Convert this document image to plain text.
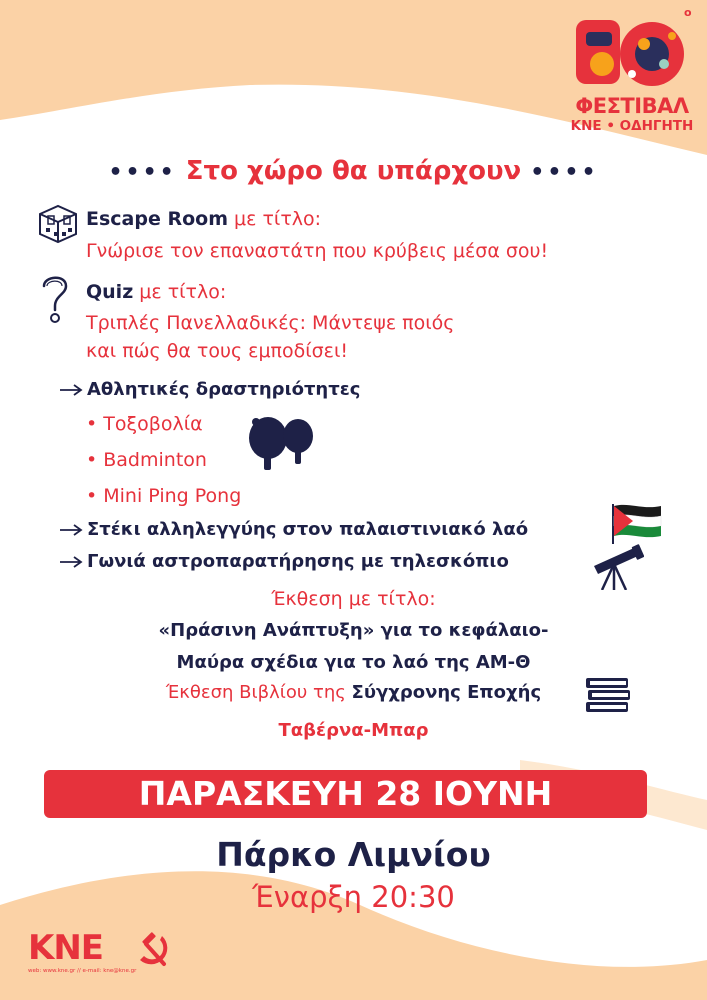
ο
ΦΕΣΤΙΒΑΛ
ΚΝΕ • ΟΔΗΓΗΤΗ
•••• Στο χώρο θα υπάρχουν ••••
Escape Room με τίτλο:
Γνώρισε τον επαναστάτη που κρύβεις μέσα σου!
Quiz με τίτλο:
Τριπλές Πανελλαδικές: Μάντεψε ποιός
και πώς θα τους εμποδίσει!
Αθλητικές δραστηριότητες
• Τοξοβολία
• Badminton
• Mini Ping Pong
Στέκι αλληλεγγύης στον παλαιστινιακό λαό
Γωνιά αστροπαρατήρησης με τηλεσκόπιο
Έκθεση με τίτλο:
«Πράσινη Ανάπτυξη» για το κεφάλαιο-
Μαύρα σχέδια για το λαό της ΑΜ-Θ
Έκθεση Βιβλίου της Σύγχρονης Εποχής
Ταβέρνα-Μπαρ
ΠΑΡΑΣΚΕΥΗ 28 ΙΟΥΝΗ
Πάρκο Λιμνίου
Έναρξη 20:30
ΚΝΕ
web: www.kne.gr // e-mail: kne@kne.gr
